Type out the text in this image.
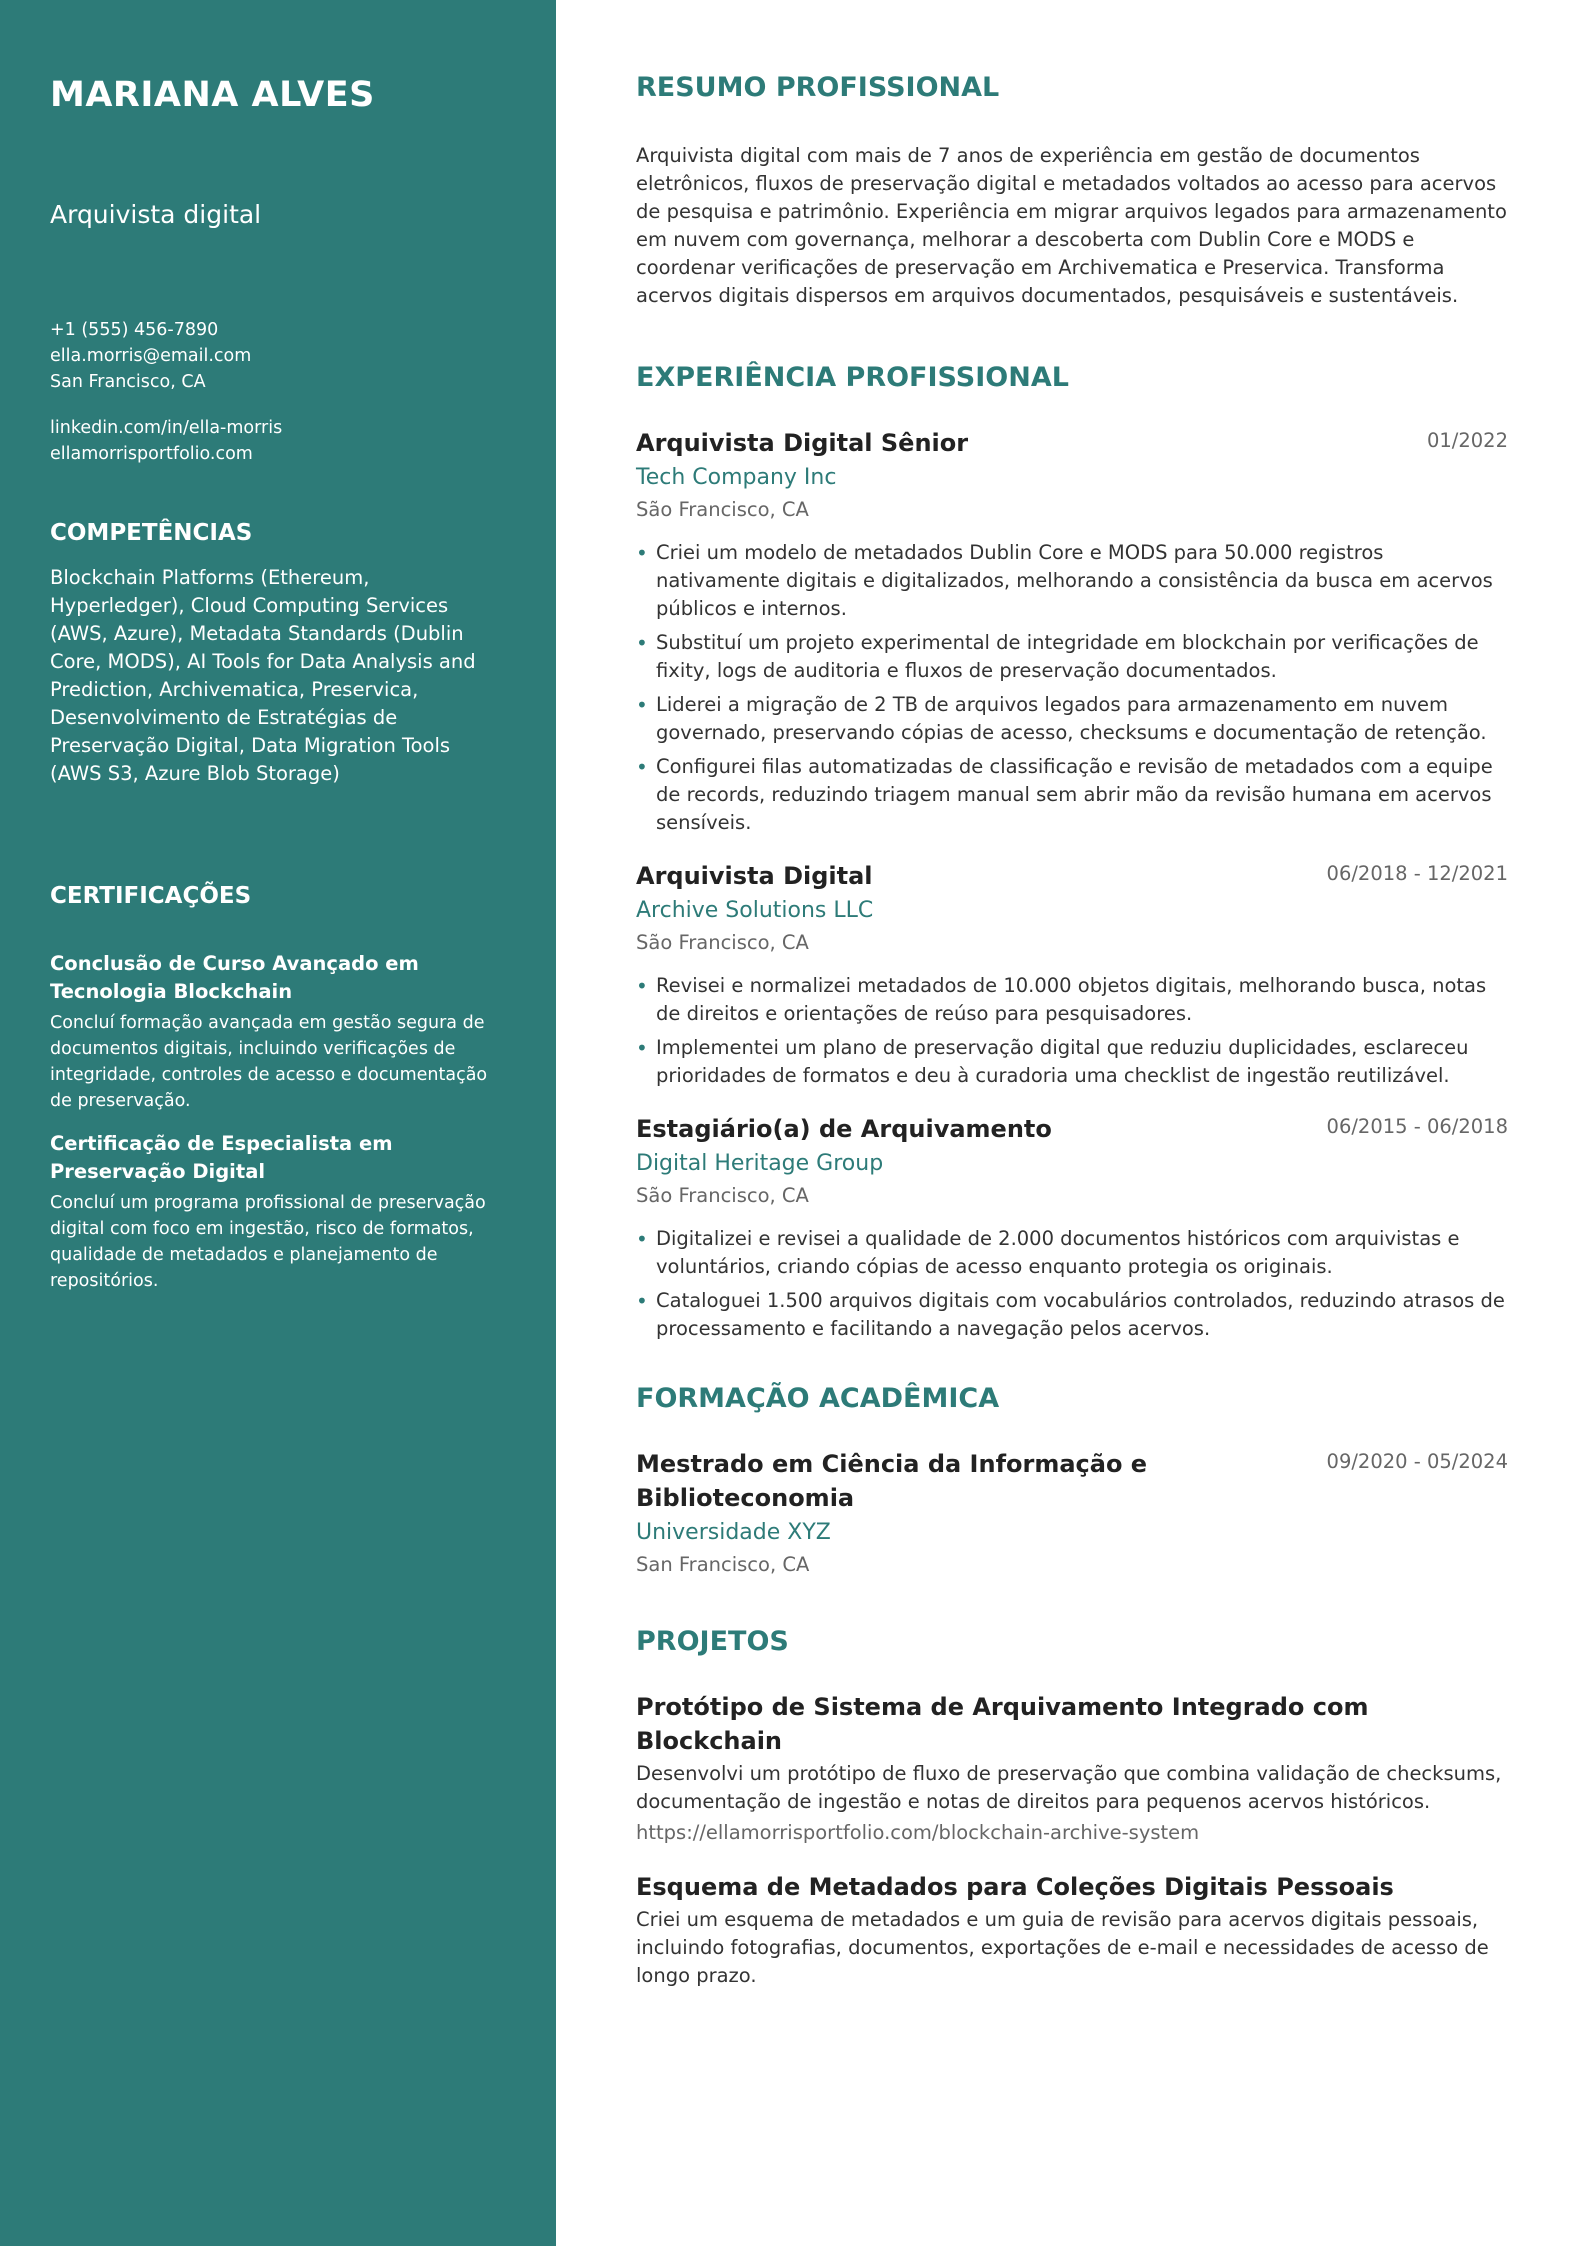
MARIANA ALVES
Arquivista digital
+1 (555) 456-7890
ella.morris@email.com
San Francisco, CA
linkedin.com/in/ella-morris
ellamorrisportfolio.com
COMPETÊNCIAS
Blockchain Platforms (Ethereum, Hyperledger), Cloud Computing Services (AWS, Azure), Metadata Standards (Dublin Core, MODS), AI Tools for Data Analysis and Prediction, Archivematica, Preservica, Desenvolvimento de Estratégias de Preservação Digital, Data Migration Tools (AWS S3, Azure Blob Storage)
CERTIFICAÇÕES
Conclusão de Curso Avançado em Tecnologia Blockchain
Concluí formação avançada em gestão segura de documentos digitais, incluindo verificações de integridade, controles de acesso e documentação de preservação.
Certificação de Especialista em Preservação Digital
Concluí um programa profissional de preservação digital com foco em ingestão, risco de formatos, qualidade de metadados e planejamento de repositórios.
RESUMO PROFISSIONAL

Arquivista digital com mais de 7 anos de experiência em gestão de documentos eletrônicos, fluxos de preservação digital e metadados voltados ao acesso para acervos de pesquisa e patrimônio. Experiência em migrar arquivos legados para armazenamento em nuvem com governança, melhorar a descoberta com Dublin Core e MODS e coordenar verificações de preservação em Archivematica e Preservica. Transforma acervos digitais dispersos em arquivos documentados, pesquisáveis e sustentáveis.

EXPERIÊNCIA PROFISSIONAL
Arquivista Digital Sênior	01/2022
Tech Company Inc
São Francisco, CA
• Criei um modelo de metadados Dublin Core e MODS para 50.000 registros nativamente digitais e digitalizados, melhorando a consistência da busca em acervos públicos e internos.
• Substituí um projeto experimental de integridade em blockchain por verificações de fixity, logs de auditoria e fluxos de preservação documentados.
• Liderei a migração de 2 TB de arquivos legados para armazenamento em nuvem governado, preservando cópias de acesso, checksums e documentação de retenção.
• Configurei filas automatizadas de classificação e revisão de metadados com a equipe de records, reduzindo triagem manual sem abrir mão da revisão humana em acervos sensíveis.
Arquivista Digital	06/2018 - 12/2021
Archive Solutions LLC
São Francisco, CA
• Revisei e normalizei metadados de 10.000 objetos digitais, melhorando busca, notas de direitos e orientações de reúso para pesquisadores.
• Implementei um plano de preservação digital que reduziu duplicidades, esclareceu prioridades de formatos e deu à curadoria uma checklist de ingestão reutilizável.
Estagiário(a) de Arquivamento	06/2015 - 06/2018
Digital Heritage Group
São Francisco, CA
• Digitalizei e revisei a qualidade de 2.000 documentos históricos com arquivistas e voluntários, criando cópias de acesso enquanto protegia os originais.
• Cataloguei 1.500 arquivos digitais com vocabulários controlados, reduzindo atrasos de processamento e facilitando a navegação pelos acervos.
FORMAÇÃO ACADÊMICA
Mestrado em Ciência da Informação e Biblioteconomia
09/2020 - 05/2024
Universidade XYZ
San Francisco, CA
PROJETOS
Protótipo de Sistema de Arquivamento Integrado com Blockchain
Desenvolvi um protótipo de fluxo de preservação que combina validação de checksums, documentação de ingestão e notas de direitos para pequenos acervos históricos.
https://ellamorrisportfolio.com/blockchain-archive-system
Esquema de Metadados para Coleções Digitais Pessoais
Criei um esquema de metadados e um guia de revisão para acervos digitais pessoais, incluindo fotografias, documentos, exportações de e-mail e necessidades de acesso de longo prazo.
